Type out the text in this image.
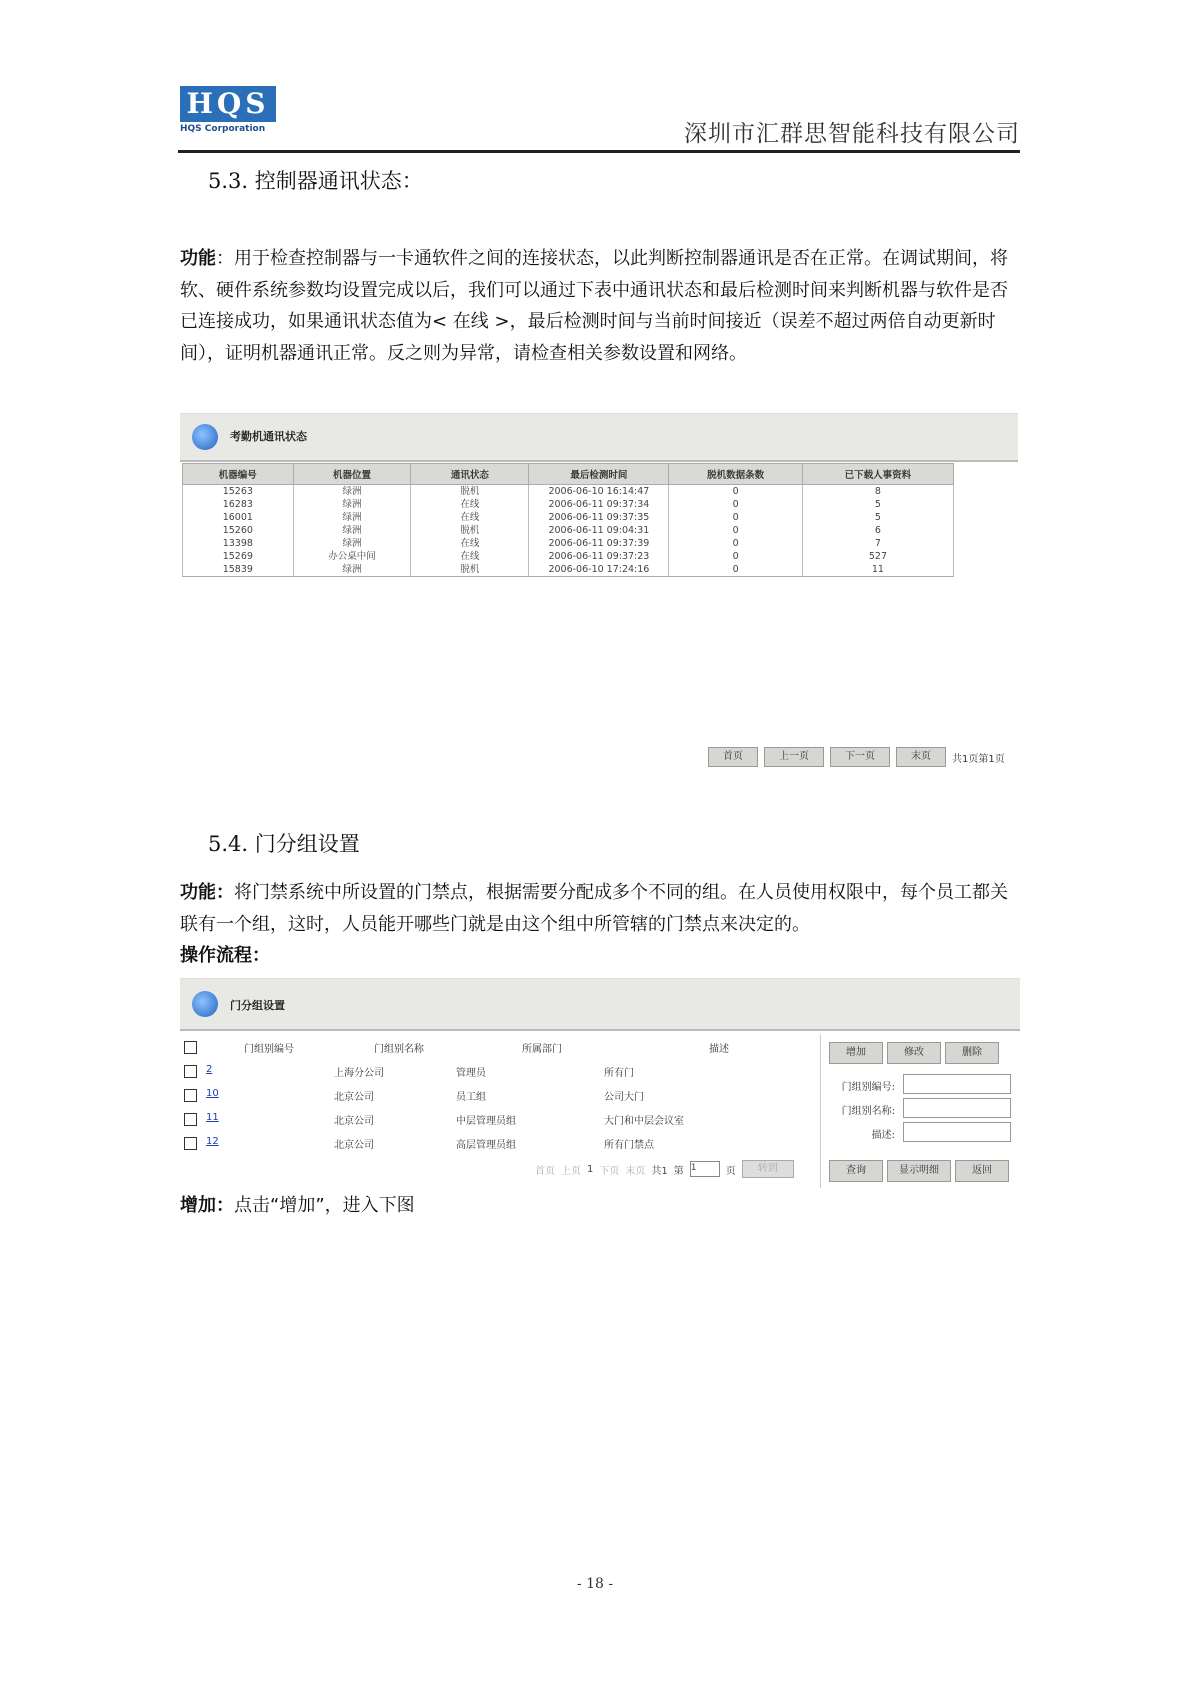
HQS
HQS Corporation	深圳市汇群思智能科技有限公司
5.3. 控制器通讯状态：
功能：用于检查控制器与一卡通软件之间的连接状态，以此判断控制器通讯是否在正常。在调试期间，将软、硬件系统参数均设置完成以后，我们可以通过下表中通讯状态和最后检测时间来判断机器与软件是否已连接成功，如果通讯状态值为< 在线 >，最后检测时间与当前时间接近（误差不超过两倍自动更新时间），证明机器通讯正常。反之则为异常，请检查相关参数设置和网络。
考勤机通讯状态
机器编号	机器位置	通讯状态	最后检测时间	脱机数据条数	已下载人事资料
15263	绿洲	脱机	2006-06-10 16:14:47	0	8
16283	绿洲	在线	2006-06-11 09:37:34	0	5
16001	绿洲	在线	2006-06-11 09:37:35	0	5
15260	绿洲	脱机	2006-06-11 09:04:31	0	6
13398	绿洲	在线	2006-06-11 09:37:39	0	7
15269	办公桌中间	在线	2006-06-11 09:37:23	0	527
15839	绿洲	脱机	2006-06-10 17:24:16	0	11
首页	上一页	下一页	末页	共1页第1页
5.4. 门分组设置
功能：将门禁系统中所设置的门禁点，根据需要分配成多个不同的组。在人员使用权限中，每个员工都关联有一个组，这时，人员能开哪些门就是由这个组中所管辖的门禁点来决定的。
操作流程：
门分组设置
门组别编号	门组别名称	所属部门	描述
2	上海分公司	管理员	所有门
10	北京公司	员工组	公司大门
11	北京公司	中层管理员组	大门和中层会议室
12	北京公司	高层管理员组	所有门禁点
首页 上页 1 下页 末页 共1 第 1	页	转到
增加	修改	删除
门组别编号:
门组别名称:
描述:
查询	显示明细	返回
增加：点击“增加”，进入下图
- 18 -
